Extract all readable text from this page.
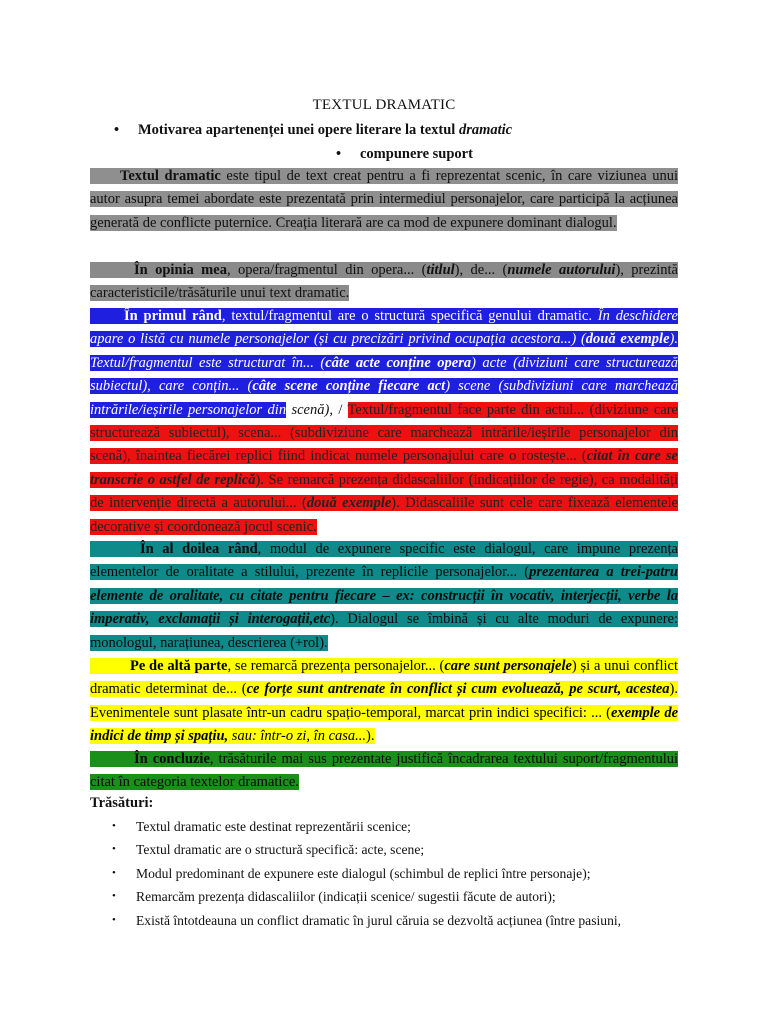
TEXTUL DRAMATIC
• Motivarea apartenenței unei opere literare la textul dramatic
• compunere suport
Textul dramatic este tipul de text creat pentru a fi reprezentat scenic, în care viziunea unui autor asupra temei abordate este prezentată prin intermediul personajelor, care participă la acțiunea generată de conflicte puternice. Creația literară are ca mod de expunere dominant dialogul.
În opinia mea, opera/fragmentul din opera... (titlul), de... (numele autorului), prezintă caracteristicile/trăsăturile unui text dramatic.
În primul rând, textul/fragmentul are o structură specifică genului dramatic. În deschidere apare o listă cu numele personajelor (și cu precizări privind ocupația acestora...) (două exemple). Textul/fragmentul este structurat în... (câte acte conține opera) acte (diviziuni care structurează subiectul), care conțin... (câte scene conține fiecare act) scene (subdiviziuni care marchează intrările/ieșirile personajelor din scenă), / Textul/fragmentul face parte din actul... (diviziune care structurează subiectul), scena... (subdiviziune care marchează intrările/ieșirile personajelor din scenă), înaintea fiecărei replici fiind indicat numele personajului care o rostește... (citat în care se transcrie o astfel de replică). Se remarcă prezența didascaliilor (indicațiilor de regie), ca modalități de intervenție directă a autorului... (două exemple). Didascaliile sunt cele care fixează elementele decorative și coordonează jocul scenic.
În al doilea rând, modul de expunere specific este dialogul, care impune prezența elementelor de oralitate a stilului, prezente în replicile personajelor... (prezentarea a trei-patru elemente de oralitate, cu citate pentru fiecare – ex: construcții în vocativ, interjecții, verbe la imperativ, exclamații și interogații,etc). Dialogul se îmbină și cu alte moduri de expunere: monologul, narațiunea, descrierea (+rol).
Pe de altă parte, se remarcă prezența personajelor... (care sunt personajele) și a unui conflict dramatic determinat de... (ce forțe sunt antrenate în conflict și cum evoluează, pe scurt, acestea). Evenimentele sunt plasate într-un cadru spațio-temporal, marcat prin indici specifici: ... (exemple de indici de timp și spațiu, sau: într-o zi, în casa...).
În concluzie, trăsăturile mai sus prezentate justifică încadrarea textului suport/fragmentului citat în categoria textelor dramatice.
Trăsături:
• Textul dramatic este destinat reprezentării scenice;
• Textul dramatic are o structură specifică: acte, scene;
• Modul predominant de expunere este dialogul (schimbul de replici între personaje);
• Remarcăm prezența didascaliilor (indicații scenice/ sugestii făcute de autori);
• Există întotdeauna un conflict dramatic în jurul căruia se dezvoltă acțiunea (între pasiuni,
